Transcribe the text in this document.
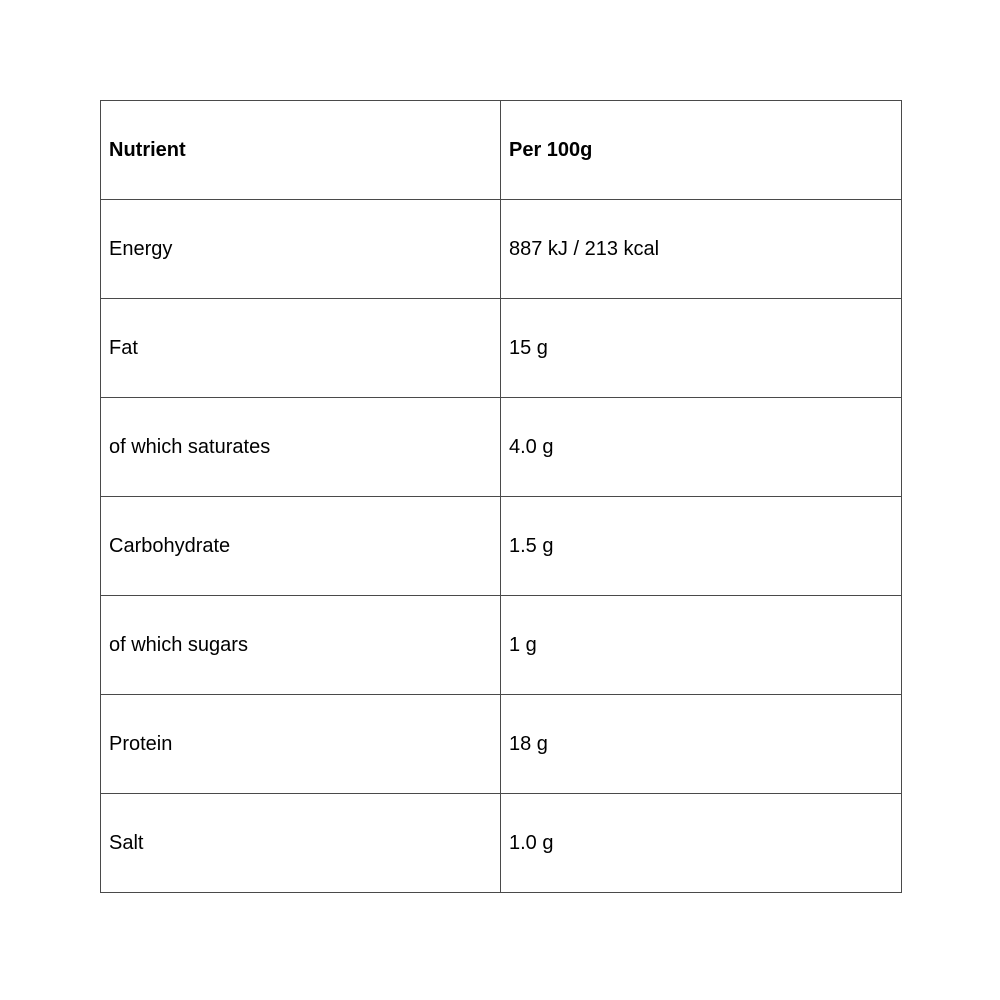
Nutrient	Per 100g
Energy	887 kJ / 213 kcal
Fat	15 g
of which saturates	4.0 g
Carbohydrate	1.5 g
of which sugars	1 g
Protein	18 g
Salt	1.0 g
